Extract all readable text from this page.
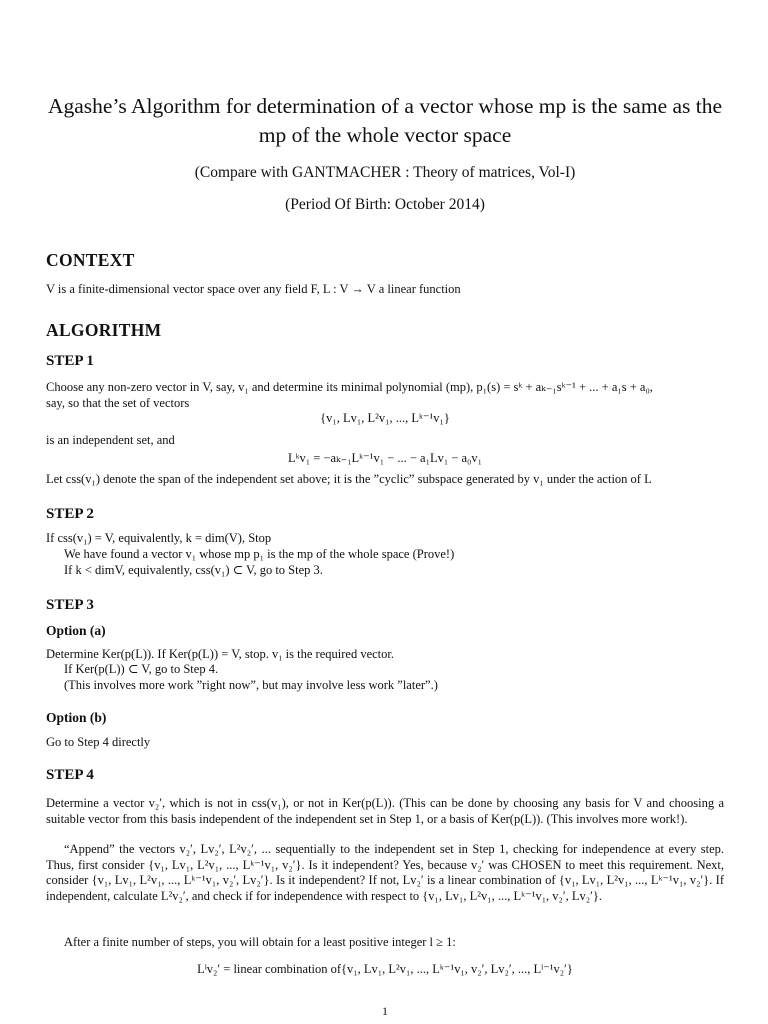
Agashe’s Algorithm for determination of a vector whose mp is the same as the mp of the whole vector space
(Compare with GANTMACHER : Theory of matrices, Vol-I)
(Period Of Birth: October 2014)
CONTEXT
V is a finite-dimensional vector space over any field F, L : V → V a linear function
ALGORITHM
STEP 1
Choose any non-zero vector in V, say, v₁ and determine its minimal polynomial (mp), p₁(s) = sᵏ + aₖ₋₁sᵏ⁻¹ + ... + a₁s + a₀,
say, so that the set of vectors
{v₁, Lv₁, L²v₁, ..., Lᵏ⁻¹v₁}
is an independent set, and
Lᵏv₁ = −aₖ₋₁Lᵏ⁻¹v₁ − ... − a₁Lv₁ − a₀v₁
Let css(v₁) denote the span of the independent set above; it is the ”cyclic” subspace generated by v₁ under the action of L
STEP 2
If css(v₁) = V, equivalently, k = dim(V), Stop
We have found a vector v₁ whose mp p₁ is the mp of the whole space (Prove!)
If k < dimV, equivalently, css(v₁) ⊂ V, go to Step 3.
STEP 3
Option (a)
Determine Ker(p(L)). If Ker(p(L)) = V, stop. v₁ is the required vector.
If Ker(p(L)) ⊂ V, go to Step 4.
(This involves more work ”right now”, but may involve less work ”later”.)
Option (b)
Go to Step 4 directly
STEP 4
Determine a vector v₂′, which is not in css(v₁), or not in Ker(p(L)). (This can be done by choosing any basis for V and choosing a suitable vector from this basis independent of the independent set in Step 1, or a basis of Ker(p(L)). (This involves more work!).
“Append” the vectors v₂′, Lv₂′, L²v₂′, ... sequentially to the independent set in Step 1, checking for independence at every step. Thus, first consider {v₁, Lv₁, L²v₁, ..., Lᵏ⁻¹v₁, v₂′}. Is it independent? Yes, because v₂′ was CHOSEN to meet this requirement. Next, consider {v₁, Lv₁, L²v₁, ..., Lᵏ⁻¹v₁, v₂′, Lv₂′}. Is it independent? If not, Lv₂′ is a linear combination of {v₁, Lv₁, L²v₁, ..., Lᵏ⁻¹v₁, v₂′}. If independent, calculate L²v₂′, and check if for independence with respect to {v₁, Lv₁, L²v₁, ..., Lᵏ⁻¹v₁, v₂′, Lv₂′}.
After a finite number of steps, you will obtain for a least positive integer l ≥ 1:
Lˡv₂′ = linear combination of{v₁, Lv₁, L²v₁, ..., Lᵏ⁻¹v₁, v₂′, Lv₂′, ..., Lˡ⁻¹v₂′}
1
